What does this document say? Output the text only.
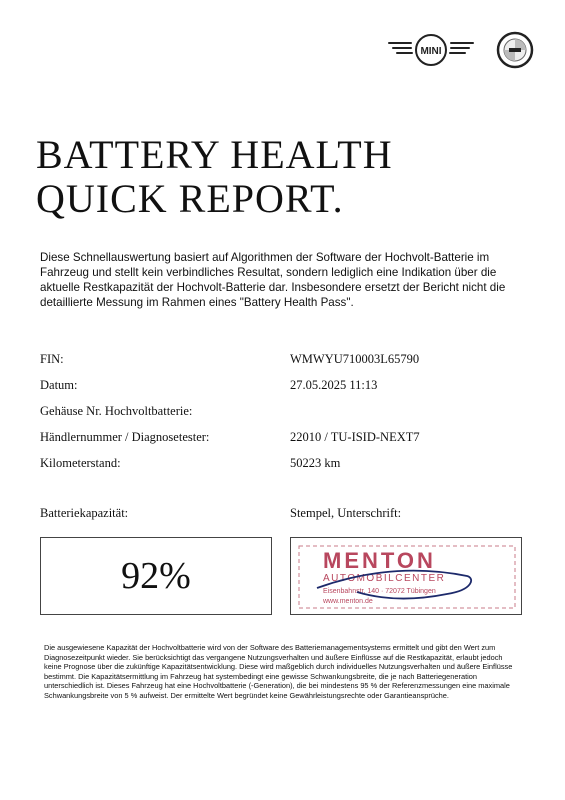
MINI
BATTERY HEALTH
QUICK REPORT.

Diese Schnellauswertung basiert auf Algorithmen der Software der Hochvolt-Batterie im Fahrzeug und stellt kein verbindliches Resultat, sondern lediglich eine Indikation über die aktuelle Restkapazität der Hochvolt-Batterie dar. Insbesondere ersetzt der Bericht nicht die detaillierte Messung im Rahmen eines "Battery Health Pass".

FIN:	WMWYU710003L65790
Datum:	27.05.2025 11:13
Gehäuse Nr. Hochvoltbatterie:
Händlernummer / Diagnosetester:	22010 / TU-ISID-NEXT7
Kilometerstand:	50223 km
Batteriekapazität:	Stempel, Unterschrift:
92%	MENTON
AUTOMOBILCENTER
Eisenbahnstr. 140 · 72072 Tübingen
www.menton.de

Die ausgewiesene Kapazität der Hochvoltbatterie wird von der Software des Batteriemanagementsystems ermittelt und gibt den Wert zum Diagnosezeitpunkt wieder. Sie berücksichtigt das vergangene Nutzungsverhalten und äußere Einflüsse auf die Restkapazität, erlaubt jedoch keine Prognose über die zukünftige Kapazitätsentwicklung. Diese wird maßgeblich durch individuelles Nutzungsverhalten und äußere Einflüsse bestimmt. Die Kapazitätsermittlung im Fahrzeug hat systembedingt eine gewisse Schwankungsbreite, die je nach Batteriegeneration unterschiedlich ist. Dieses Fahrzeug hat eine Hochvoltbatterie (-Generation), die bei mindestens 95 % der Referenzmessungen eine maximale Schwankungsbreite von 5 % aufweist. Der ermittelte Wert begründet keine Gewährleistungsrechte oder Garantieansprüche.
